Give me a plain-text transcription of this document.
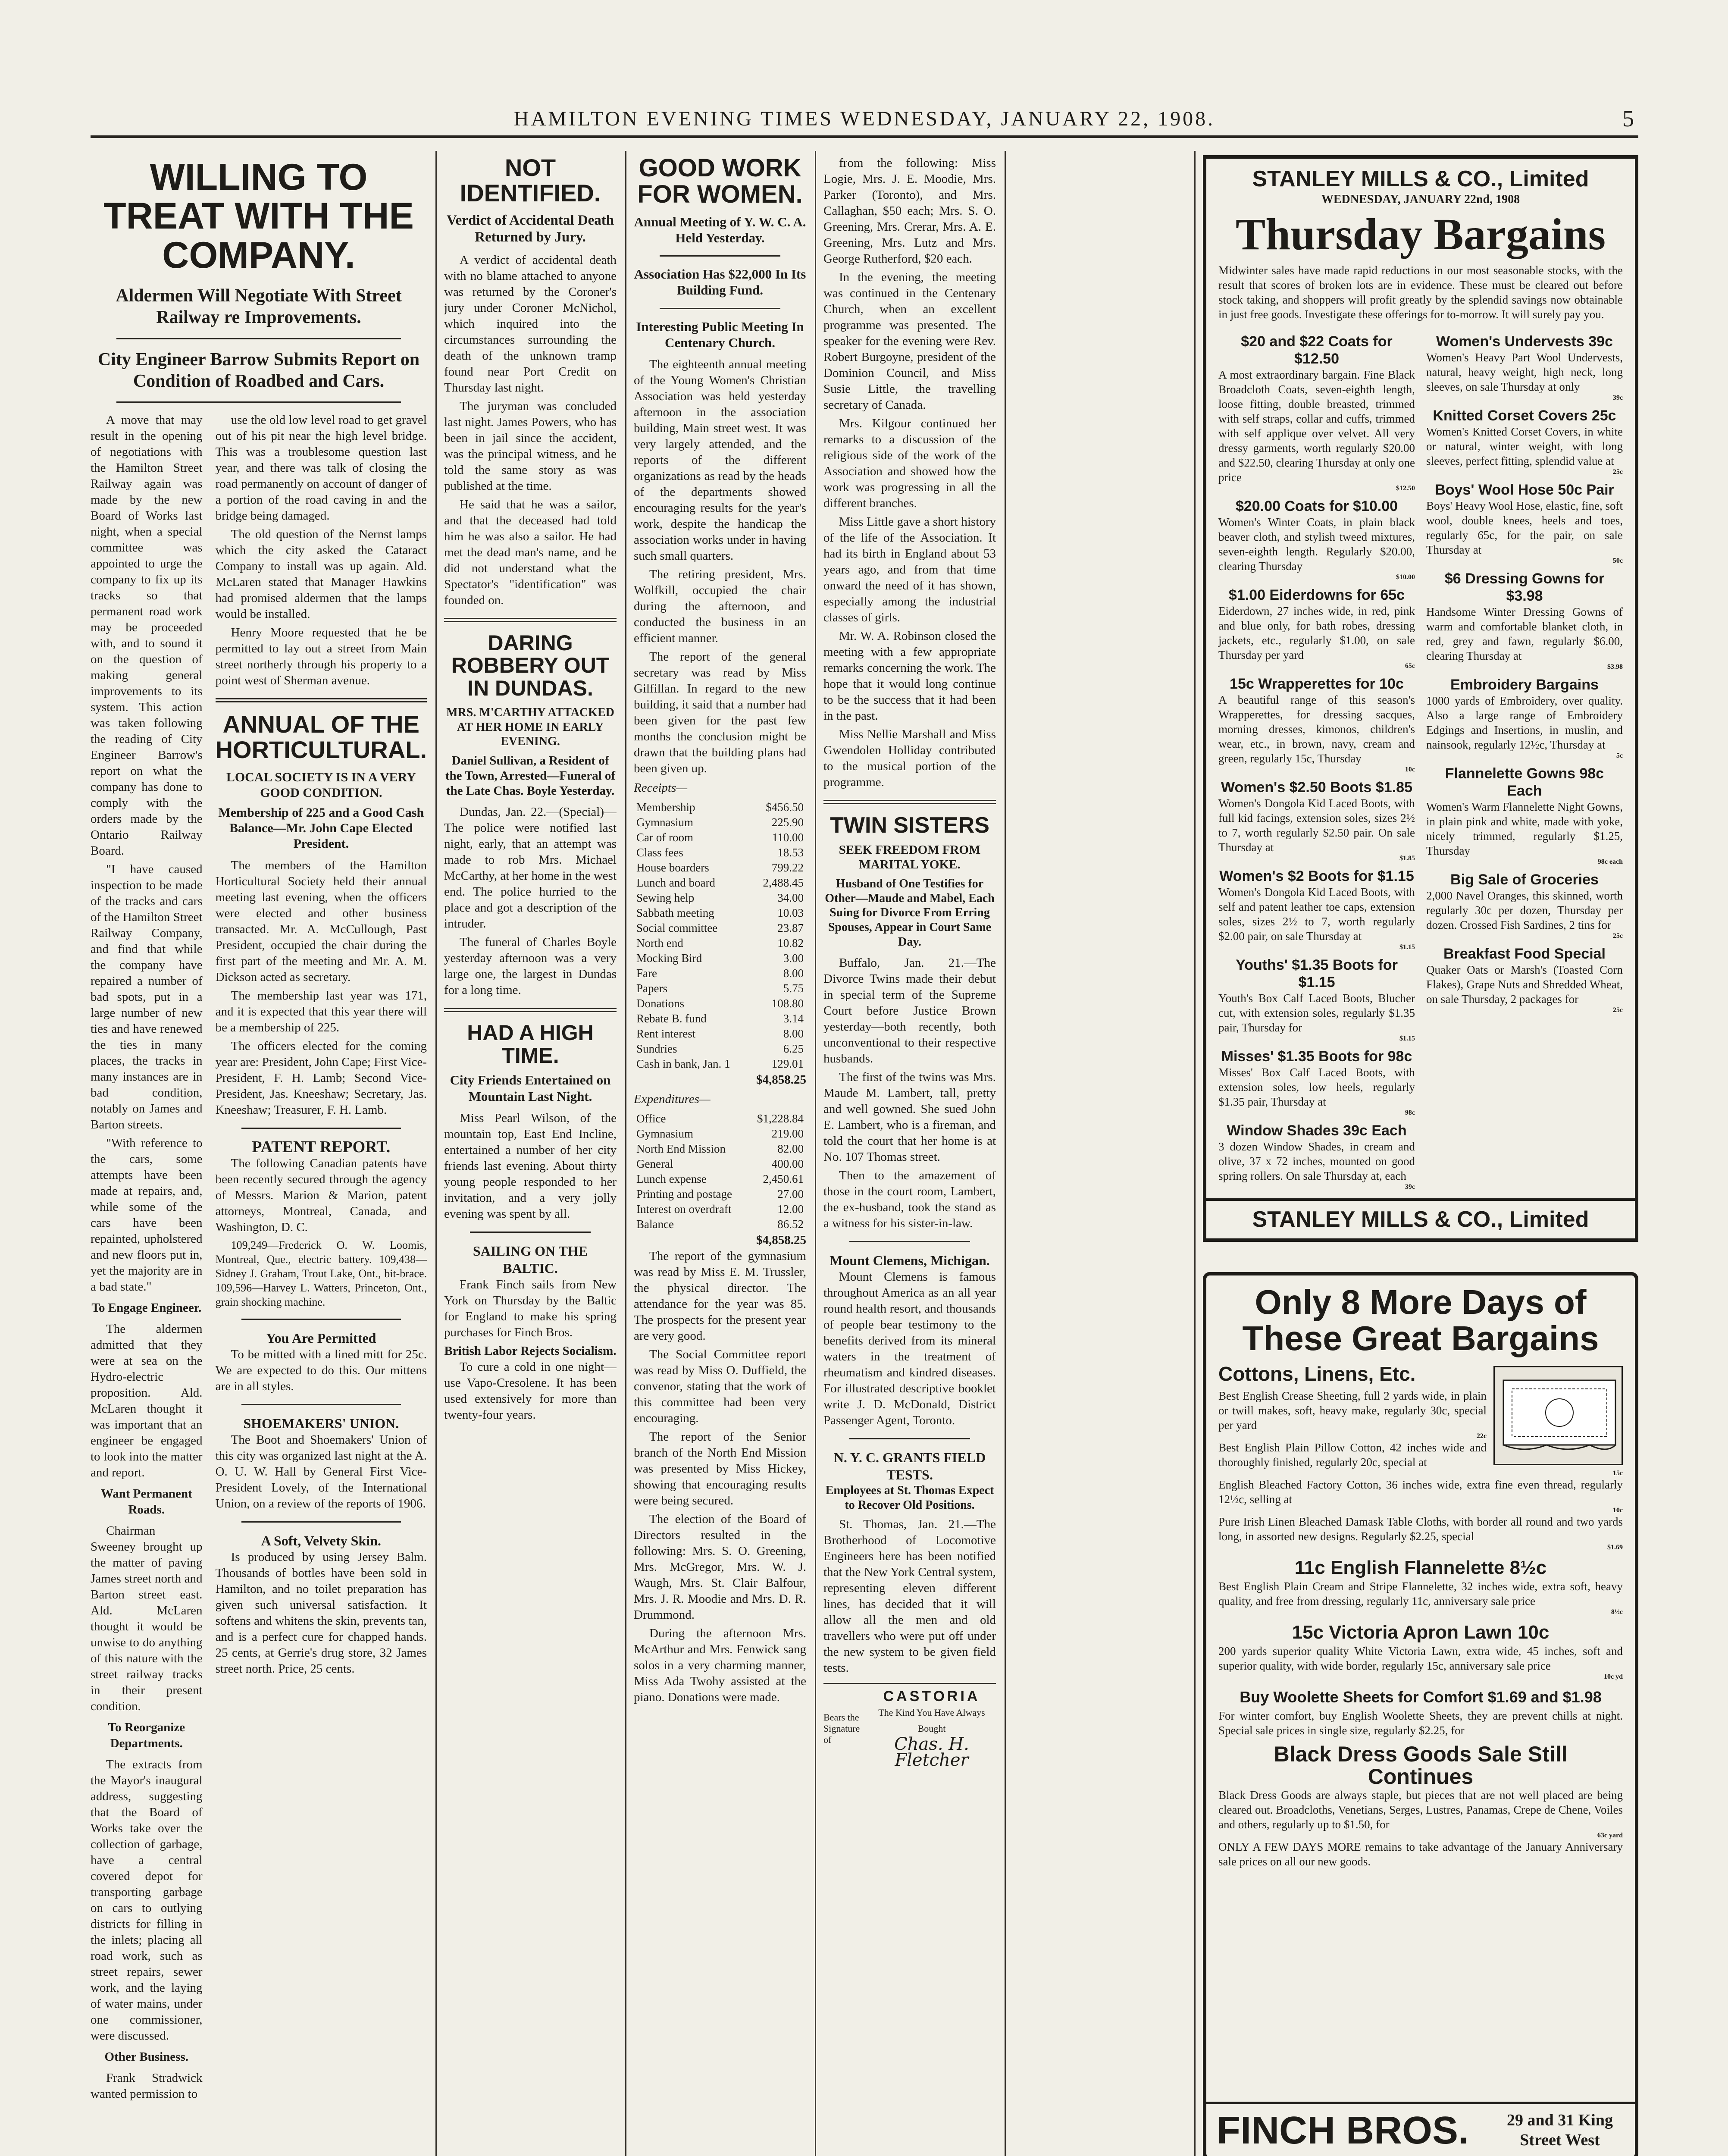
HAMILTON EVENING TIMES WEDNESDAY, JANUARY 22, 1908.	5
WILLING TO TREAT WITH THE COMPANY.
Aldermen Will Negotiate With Street Railway re Improvements.
City Engineer Barrow Submits Report on Condition of Roadbed and Cars.

A move that may result in the opening of negotiations with the Hamilton Street Railway again was made by the new Board of Works last night, when a special committee was appointed to urge the company to fix up its tracks so that permanent road work may be proceeded with, and to sound it on the question of making general improvements to its system. This action was taken following the reading of City Engineer Barrow's report on what the company has done to comply with the orders made by the Ontario Railway Board.

"I have caused inspection to be made of the tracks and cars of the Hamilton Street Railway Company, and find that while the company have repaired a number of bad spots, put in a large number of new ties and have renewed the ties in many places, the tracks in many instances are in bad condition, notably on James and Barton streets.

"With reference to the cars, some attempts have been made at repairs, and, while some of the cars have been repainted, upholstered and new floors put in, yet the majority are in a bad state."

To Engage Engineer.

The aldermen admitted that they were at sea on the Hydro-electric proposition. Ald. McLaren thought it was important that an engineer be engaged to look into the matter and report.

Want Permanent Roads.

Chairman Sweeney brought up the matter of paving James street north and Barton street east. Ald. McLaren thought it would be unwise to do anything of this nature with the street railway tracks in their present condition.

To Reorganize Departments.

The extracts from the Mayor's inaugural address, suggesting that the Board of Works take over the collection of garbage, have a central covered depot for transporting garbage on cars to outlying districts for filling in the inlets; placing all road work, such as street repairs, sewer work, and the laying of water mains, under one commissioner, were discussed.

Other Business.

Frank Stradwick wanted permission to

use the old low level road to get gravel out of his pit near the high level bridge. This was a troublesome question last year, and there was talk of closing the road permanently on account of danger of a portion of the road caving in and the bridge being damaged.

The old question of the Nernst lamps which the city asked the Cataract Company to install was up again. Ald. McLaren stated that Manager Hawkins had promised aldermen that the lamps would be installed.

Henry Moore requested that he be permitted to lay out a street from Main street northerly through his property to a point west of Sherman avenue.

ANNUAL OF THE HORTICULTURAL.
LOCAL SOCIETY IS IN A VERY GOOD CONDITION.
Membership of 225 and a Good Cash Balance—Mr. John Cape Elected President.

The members of the Hamilton Horticultural Society held their annual meeting last evening, when the officers were elected and other business transacted. Mr. A. McCullough, Past President, occupied the chair during the first part of the meeting and Mr. A. M. Dickson acted as secretary.

The membership last year was 171, and it is expected that this year there will be a membership of 225.

The officers elected for the coming year are: President, John Cape; First Vice-President, F. H. Lamb; Second Vice-President, Jas. Kneeshaw; Secretary, Jas. Kneeshaw; Treasurer, F. H. Lamb.

PATENT REPORT.

The following Canadian patents have been recently secured through the agency of Messrs. Marion & Marion, patent attorneys, Montreal, Canada, and Washington, D. C.

109,249—Frederick O. W. Loomis, Montreal, Que., electric battery. 109,438—Sidney J. Graham, Trout Lake, Ont., bit-brace. 109,596—Harvey L. Watters, Princeton, Ont., grain shocking machine.

You Are Permitted

To be mitted with a lined mitt for 25c. We are expected to do this. Our mittens are in all styles.

SHOEMAKERS' UNION.

The Boot and Shoemakers' Union of this city was organized last night at the A. O. U. W. Hall by General First Vice-President Lovely, of the International Union, on a review of the reports of 1906.

A Soft, Velvety Skin.

Is produced by using Jersey Balm. Thousands of bottles have been sold in Hamilton, and no toilet preparation has given such universal satisfaction. It softens and whitens the skin, prevents tan, and is a perfect cure for chapped hands. 25 cents, at Gerrie's drug store, 32 James street north. Price, 25 cents.

NOT IDENTIFIED.
Verdict of Accidental Death Returned by Jury.

A verdict of accidental death with no blame attached to anyone was returned by the Coroner's jury under Coroner McNichol, which inquired into the circumstances surrounding the death of the unknown tramp found near Port Credit on Thursday last night.

The juryman was concluded last night. James Powers, who has been in jail since the accident, was the principal witness, and he told the same story as was published at the time.

He said that he was a sailor, and that the deceased had told him he was also a sailor. He had met the dead man's name, and he did not understand what the Spectator's "identification" was founded on.

DARING ROBBERY OUT IN DUNDAS.
MRS. M'CARTHY ATTACKED AT HER HOME IN EARLY EVENING.
Daniel Sullivan, a Resident of the Town, Arrested—Funeral of the Late Chas. Boyle Yesterday.

Dundas, Jan. 22.—(Special)—The police were notified last night, early, that an attempt was made to rob Mrs. Michael McCarthy, at her home in the west end. The police hurried to the place and got a description of the intruder.

The funeral of Charles Boyle yesterday afternoon was a very large one, the largest in Dundas for a long time.

HAD A HIGH TIME.
City Friends Entertained on Mountain Last Night.

Miss Pearl Wilson, of the mountain top, East End Incline, entertained a number of her city friends last evening. About thirty young people responded to her invitation, and a very jolly evening was spent by all.

SAILING ON THE BALTIC.

Frank Finch sails from New York on Thursday by the Baltic for England to make his spring purchases for Finch Bros.

British Labor Rejects Socialism.

To cure a cold in one night—use Vapo-Cresolene. It has been used extensively for more than twenty-four years.

GOOD WORK FOR WOMEN.
Annual Meeting of Y. W. C. A. Held Yesterday.
Association Has $22,000 In Its Building Fund.
Interesting Public Meeting In Centenary Church.

The eighteenth annual meeting of the Young Women's Christian Association was held yesterday afternoon in the association building, Main street west. It was very largely attended, and the reports of the different organizations as read by the heads of the departments showed encouraging results for the year's work, despite the handicap the association works under in having such small quarters.

The retiring president, Mrs. Wolfkill, occupied the chair during the afternoon, and conducted the business in an efficient manner.

The report of the general secretary was read by Miss Gilfillan. In regard to the new building, it said that a number had been given for the past few months the conclusion might be drawn that the building plans had been given up.

Receipts—

Membership	$456.50
Gymnasium	225.90
Car of room	110.00
Class fees	18.53
House boarders	799.22
Lunch and board	2,488.45
Sewing help	34.00
Sabbath meeting	10.03
Social committee	23.87
North end	10.82
Mocking Bird	3.00
Fare	8.00
Papers	5.75
Donations	108.80
Rebate B. fund	3.14
Rent interest	8.00
Sundries	6.25
Cash in bank, Jan. 1	129.01

$4,858.25

Expenditures—

Office	$1,228.84
Gymnasium	219.00
North End Mission	82.00
General	400.00
Lunch expense	2,450.61
Printing and postage	27.00
Interest on overdraft	12.00
Balance	86.52

$4,858.25

The report of the gymnasium was read by Miss E. M. Trussler, the physical director. The attendance for the year was 85. The prospects for the present year are very good.

The Social Committee report was read by Miss O. Duffield, the convenor, stating that the work of this committee had been very encouraging.

The report of the Senior branch of the North End Mission was presented by Miss Hickey, showing that encouraging results were being secured.

The election of the Board of Directors resulted in the following: Mrs. S. O. Greening, Mrs. McGregor, Mrs. W. J. Waugh, Mrs. St. Clair Balfour, Mrs. J. R. Moodie and Mrs. D. R. Drummond.

During the afternoon Mrs. McArthur and Mrs. Fenwick sang solos in a very charming manner, Miss Ada Twohy assisted at the piano. Donations were made.

from the following: Miss Logie, Mrs. J. E. Moodie, Mrs. Parker (Toronto), and Mrs. Callaghan, $50 each; Mrs. S. O. Greening, Mrs. Crerar, Mrs. A. E. Greening, Mrs. Lutz and Mrs. George Rutherford, $20 each.

In the evening, the meeting was continued in the Centenary Church, when an excellent programme was presented. The speaker for the evening were Rev. Robert Burgoyne, president of the Dominion Council, and Miss Susie Little, the travelling secretary of Canada.

Mrs. Kilgour continued her remarks to a discussion of the religious side of the work of the Association and showed how the work was progressing in all the different branches.

Miss Little gave a short history of the life of the Association. It had its birth in England about 53 years ago, and from that time onward the need of it has shown, especially among the industrial classes of girls.

Mr. W. A. Robinson closed the meeting with a few appropriate remarks concerning the work. The hope that it would long continue to be the success that it had been in the past.

Miss Nellie Marshall and Miss Gwendolen Holliday contributed to the musical portion of the programme.

TWIN SISTERS
SEEK FREEDOM FROM MARITAL YOKE.
Husband of One Testifies for Other—Maude and Mabel, Each Suing for Divorce From Erring Spouses, Appear in Court Same Day.

Buffalo, Jan. 21.—The Divorce Twins made their debut in special term of the Supreme Court before Justice Brown yesterday—both recently, both unconventional to their respective husbands.

The first of the twins was Mrs. Maude M. Lambert, tall, pretty and well gowned. She sued John E. Lambert, who is a fireman, and told the court that her home is at No. 107 Thomas street.

Then to the amazement of those in the court room, Lambert, the ex-husband, took the stand as a witness for his sister-in-law.

Mount Clemens, Michigan.

Mount Clemens is famous throughout America as an all year round health resort, and thousands of people bear testimony to the benefits derived from its mineral waters in the treatment of rheumatism and kindred diseases. For illustrated descriptive booklet write J. D. McDonald, District Passenger Agent, Toronto.

N. Y. C. GRANTS FIELD TESTS.
Employees at St. Thomas Expect to Recover Old Positions.

St. Thomas, Jan. 21.—The Brotherhood of Locomotive Engineers here has been notified that the New York Central system, representing eleven different lines, has decided that it will allow all the men and old travellers who were put off under the new system to be given field tests.

Bears the Signature of
CASTORIA
The Kind You Have Always Bought
Chas. H. Fletcher
STANLEY MILLS & CO., Limited
WEDNESDAY, JANUARY 22nd, 1908
Thursday Bargains

Midwinter sales have made rapid reductions in our most seasonable stocks, with the result that scores of broken lots are in evidence. These must be cleared out before stock taking, and shoppers will profit greatly by the splendid savings now obtainable in just free goods. Investigate these offerings for to-morrow. It will surely pay you.

$20 and $22 Coats for $12.50

A most extraordinary bargain. Fine Black Broadcloth Coats, seven-eighth length, loose fitting, double breasted, trimmed with self straps, collar and cuffs, trimmed with self applique over velvet. All very dressy garments, worth regularly $20.00 and $22.50, clearing Thursday at only one price

$12.50

$20.00 Coats for $10.00

Women's Winter Coats, in plain black beaver cloth, and stylish tweed mixtures, seven-eighth length. Regularly $20.00, clearing Thursday

$10.00

$1.00 Eiderdowns for 65c

Eiderdown, 27 inches wide, in red, pink and blue only, for bath robes, dressing jackets, etc., regularly $1.00, on sale Thursday per yard

65c

15c Wrapperettes for 10c

A beautiful range of this season's Wrapperettes, for dressing sacques, morning dresses, kimonos, children's wear, etc., in brown, navy, cream and green, regularly 15c, Thursday

10c

Women's $2.50 Boots $1.85

Women's Dongola Kid Laced Boots, with full kid facings, extension soles, sizes 2½ to 7, worth regularly $2.50 pair. On sale Thursday at

$1.85

Women's $2 Boots for $1.15

Women's Dongola Kid Laced Boots, with self and patent leather toe caps, extension soles, sizes 2½ to 7, worth regularly $2.00 pair, on sale Thursday at

$1.15

Youths' $1.35 Boots for $1.15

Youth's Box Calf Laced Boots, Blucher cut, with extension soles, regularly $1.35 pair, Thursday for

$1.15

Misses' $1.35 Boots for 98c

Misses' Box Calf Laced Boots, with extension soles, low heels, regularly $1.35 pair, Thursday at

98c

Window Shades 39c Each

3 dozen Window Shades, in cream and olive, 37 x 72 inches, mounted on good spring rollers. On sale Thursday at, each

39c

Women's Undervests 39c

Women's Heavy Part Wool Undervests, natural, heavy weight, high neck, long sleeves, on sale Thursday at only

39c

Knitted Corset Covers 25c

Women's Knitted Corset Covers, in white or natural, winter weight, with long sleeves, perfect fitting, splendid value at

25c

Boys' Wool Hose 50c Pair

Boys' Heavy Wool Hose, elastic, fine, soft wool, double knees, heels and toes, regularly 65c, for the pair, on sale Thursday at

50c

$6 Dressing Gowns for $3.98

Handsome Winter Dressing Gowns of warm and comfortable blanket cloth, in red, grey and fawn, regularly $6.00, clearing Thursday at

$3.98

Embroidery Bargains

1000 yards of Embroidery, over quality. Also a large range of Embroidery Edgings and Insertions, in muslin, and nainsook, regularly 12½c, Thursday at

5c

Flannelette Gowns 98c Each

Women's Warm Flannelette Night Gowns, in plain pink and white, made with yoke, nicely trimmed, regularly $1.25, Thursday

98c each

Big Sale of Groceries

2,000 Navel Oranges, this skinned, worth regularly 30c per dozen, Thursday per dozen. Crossed Fish Sardines, 2 tins for

25c

Breakfast Food Special

Quaker Oats or Marsh's (Toasted Corn Flakes), Grape Nuts and Shredded Wheat, on sale Thursday, 2 packages for

25c

STANLEY MILLS & CO., Limited
Only 8 More Days of These Great Bargains
Cottons, Linens, Etc.

Best English Crease Sheeting, full 2 yards wide, in plain or twill makes, soft, heavy make, regularly 30c, special per yard

22c

Best English Plain Pillow Cotton, 42 inches wide and thoroughly finished, regularly 20c, special at

15c

English Bleached Factory Cotton, 36 inches wide, extra fine even thread, regularly 12½c, selling at

10c

Pure Irish Linen Bleached Damask Table Cloths, with border all round and two yards long, in assorted new designs. Regularly $2.25, special

$1.69

11c English Flannelette 8½c

Best English Plain Cream and Stripe Flannelette, 32 inches wide, extra soft, heavy quality, and free from dressing, regularly 11c, anniversary sale price

8½c

15c Victoria Apron Lawn 10c

200 yards superior quality White Victoria Lawn, extra wide, 45 inches, soft and superior quality, with wide border, regularly 15c, anniversary sale price

10c yd

Buy Woolette Sheets for Comfort $1.69 and $1.98

For winter comfort, buy English Woolette Sheets, they are prevent chills at night. Special sale prices in single size, regularly $2.25, for

Black Dress Goods Sale Still Continues

Black Dress Goods are always staple, but pieces that are not well placed are being cleared out. Broadcloths, Venetians, Serges, Lustres, Panamas, Crepe de Chene, Voiles and others, regularly up to $1.50, for

63c yard

ONLY A FEW DAYS MORE remains to take advantage of the January Anniversary sale prices on all our new goods.

FINCH BROS.	29 and 31 King Street West
